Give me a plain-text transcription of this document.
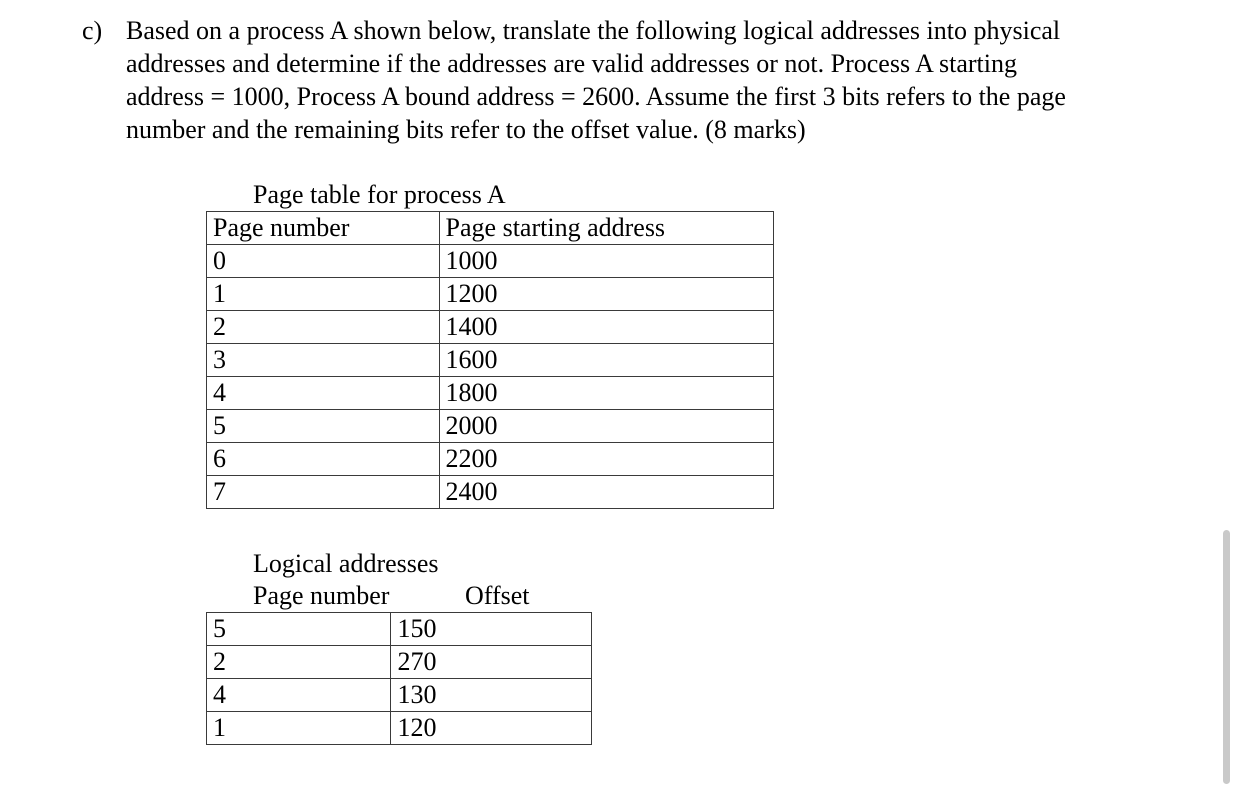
c) Based on a process A shown below, translate the following logical addresses into physical
addresses and determine if the addresses are valid addresses or not. Process A starting
address = 1000, Process A bound address = 2600. Assume the first 3 bits refers to the page
number and the remaining bits refer to the offset value. (8 marks)
Page table for process A
Page number	Page starting address
0	1000
1	1200
2	1400
3	1600
4	1800
5	2000
6	2200
7	2400
Logical addresses
Page number	Offset
5	150
2	270
4	130
1	120
